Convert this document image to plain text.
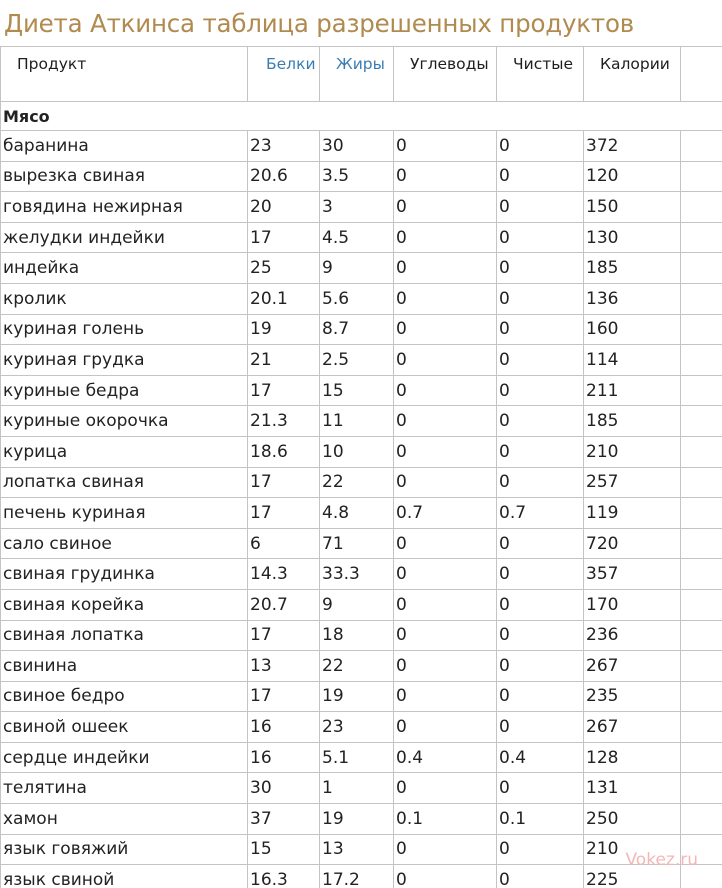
Диета Аткинса таблица разрешенных продуктов
Продукт	Белки	Жиры	Углеводы	Чистые	Калории	
Мясо						
баранина	23	30	0	0	372	
вырезка свиная	20.6	3.5	0	0	120	
говядина нежирная	20	3	0	0	150	
желудки индейки	17	4.5	0	0	130	
индейка	25	9	0	0	185	
кролик	20.1	5.6	0	0	136	
куриная голень	19	8.7	0	0	160	
куриная грудка	21	2.5	0	0	114	
куриные бедра	17	15	0	0	211	
куриные окорочка	21.3	11	0	0	185	
курица	18.6	10	0	0	210	
лопатка свиная	17	22	0	0	257	
печень куриная	17	4.8	0.7	0.7	119	
сало свиное	6	71	0	0	720	
свиная грудинка	14.3	33.3	0	0	357	
свиная корейка	20.7	9	0	0	170	
свиная лопатка	17	18	0	0	236	
свинина	13	22	0	0	267	
свиное бедро	17	19	0	0	235	
свиной ошеек	16	23	0	0	267	
сердце индейки	16	5.1	0.4	0.4	128	
телятина	30	1	0	0	131	
хамон	37	19	0.1	0.1	250	
язык говяжий	15	13	0	0	210	
язык свиной	16.3	17.2	0	0	225	
Vokez.ru
